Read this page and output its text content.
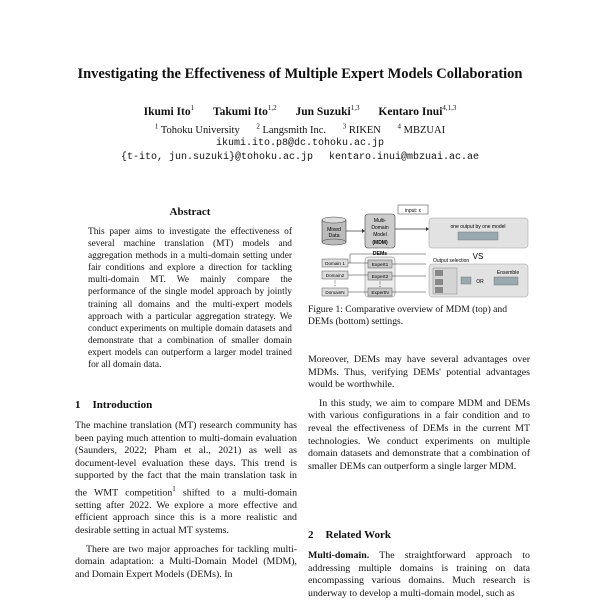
Investigating the Effectiveness of Multiple Expert Models Collaboration
Ikumi Ito$^1$ Takumi Ito$^{1,2}$ Jun Suzuki$^{1,3}$ Kentaro Inui$^{4,1,3}$
$^1$ Tohoku University $^2$ Langsmith Inc. $^3$ RIKEN $^4$ MBZUAI
ikumi.ito.p8@dc.tohoku.ac.jp
{t-ito, jun.suzuki}@tohoku.ac.jp kentaro.inui@mbzuai.ac.ae
Abstract
This paper aims to investigate the effectiveness of several machine translation (MT) models and aggregation methods in a multi-domain setting under fair conditions and explore a direction for tackling multi-domain MT. We mainly compare the performance of the single model approach by jointly training all domains and the multi-expert models approach with a particular aggregation strategy. We conduct experiments on multiple domain datasets and demonstrate that a combination of smaller domain expert models can outperform a larger model trained for all domain data.
1 Introduction

The machine translation (MT) research community has been paying much attention to multi-domain evaluation (Saunders, 2022; Pham et al., 2021) as well as document-level evaluation these days. This trend is supported by the fact that the main translation task in the WMT competition$^1$ shifted to a multi-domain setting after 2022. We explore a more effective and efficient approach since this is a more realistic and desirable setting in actual MT systems.

There are two major approaches for tackling multi-domain adaptation: a Multi-Domain Model (MDM), and Domain Expert Models (DEMs). In

input: x
Mixed
Data
Multi-
Domain
Model
(MDM)
one output by one model
VS
DEMs
Domain 1
Domain2
⋮
DomainN
Expert1
Expert2
⋮
ExpertN
Output selection
OR
Ensemble
Figure 1: Comparative overview of MDM (top) and DEMs (bottom) settings.

Moreover, DEMs may have several advantages over MDMs. Thus, verifying DEMs' potential advantages would be worthwhile.

In this study, we aim to compare MDM and DEMs with various configurations in a fair condition and to reveal the effectiveness of DEMs in the current MT technologies. We conduct experiments on multiple domain datasets and demonstrate that a combination of smaller DEMs can outperform a single larger MDM.

2 Related Work

Multi-domain. The straightforward approach to addressing multiple domains is training on data encompassing various domains. Much research is underway to develop a multi-domain model, such as
